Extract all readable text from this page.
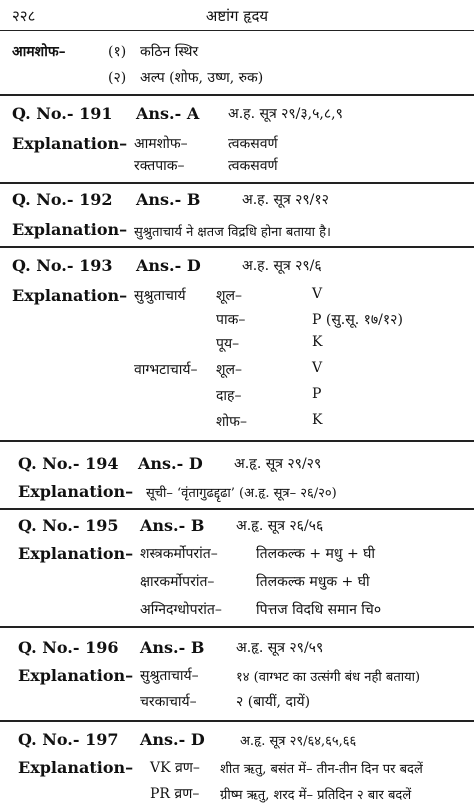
२२८	अष्टांग हृदय
आमशोफ–	(१) कठिन स्थिर
(२) अल्प (शोफ, उष्ण, रुक)
Q. No.- 191 Ans.- A अ.ह. सूत्र २९/३,५,८,९
Explanation– आमशोफ–	त्वकसवर्ण
रक्तपाक–	त्वकसवर्ण
Q. No.- 192 Ans.- B	अ.ह. सूत्र २९/१२
Explanation– सुश्रुताचार्य ने क्षतज विद्रधि होना बताया है।
Q. No.- 193 Ans.- D	अ.ह. सूत्र २९/६
Explanation– सुश्रुताचार्य शूल–	V
पाक–	P (सु.सू. १७/१२)
पूय–	K
वाग्भटाचार्य– शूल–	V
दाह–	P
शोफ–	K
Q. No.- 194 Ans.- D अ.हृ. सूत्र २९/२९
Explanation– सूची– ‘वृंतागुढद्दृढा’ (अ.हृ. सूत्र– २६/२०)
Q. No.- 195 Ans.- B अ.हृ. सूत्र २६/५६
Explanation– शस्त्रकर्मोपरांत–	तिलकल्क + मधु + घी
क्षारकर्मोपरांत–	तिलकल्क मधुक + घी
अग्निदग्धोपरांत– पित्तज विदधि समान चि०
Q. No.- 196 Ans.- B अ.हृ. सूत्र २९/५९
Explanation– सुश्रुताचार्य–	१४ (वाग्भट का उत्संगी बंध नही बताया)
चरकाचार्य–	२ (बायीं, दायें)
Q. No.- 197 Ans.- D	अ.हृ. सूत्र २९/६४,६५,६६
Explanation– VK व्रण– शीत ऋतु, बसंत में– तीन-तीन दिन पर बदलें
PR व्रण– ग्रीष्म ऋतु, शरद में– प्रतिदिन २ बार बदलें
